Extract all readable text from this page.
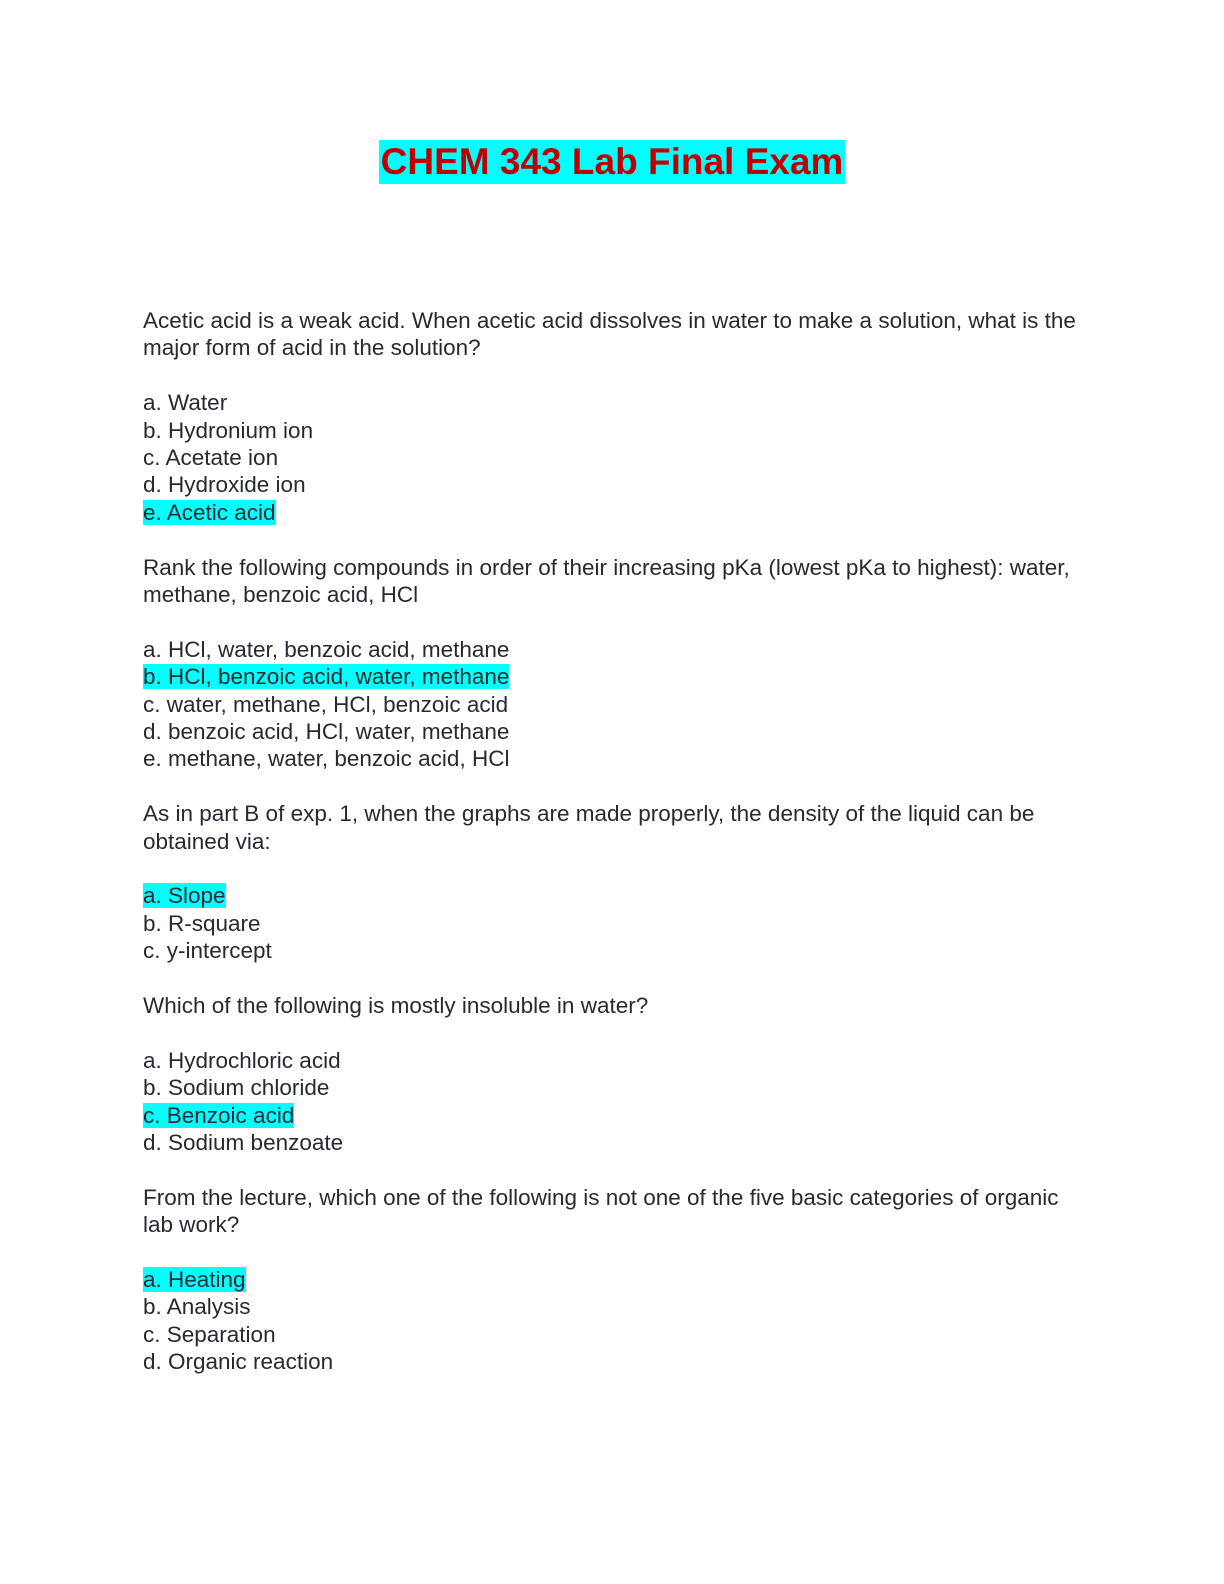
CHEM 343 Lab Final Exam
Acetic acid is a weak acid. When acetic acid dissolves in water to make a solution, what is the major form of acid in the solution?
a. Water
b. Hydronium ion
c. Acetate ion
d. Hydroxide ion
e. Acetic acid
Rank the following compounds in order of their increasing pKa (lowest pKa to highest): water, methane, benzoic acid, HCl
a. HCl, water, benzoic acid, methane
b. HCl, benzoic acid, water, methane
c. water, methane, HCl, benzoic acid
d. benzoic acid, HCl, water, methane
e. methane, water, benzoic acid, HCl
As in part B of exp. 1, when the graphs are made properly, the density of the liquid can be obtained via:
a. Slope
b. R-square
c. y-intercept
Which of the following is mostly insoluble in water?
a. Hydrochloric acid
b. Sodium chloride
c. Benzoic acid
d. Sodium benzoate
From the lecture, which one of the following is not one of the five basic categories of organic lab work?
a. Heating
b. Analysis
c. Separation
d. Organic reaction
